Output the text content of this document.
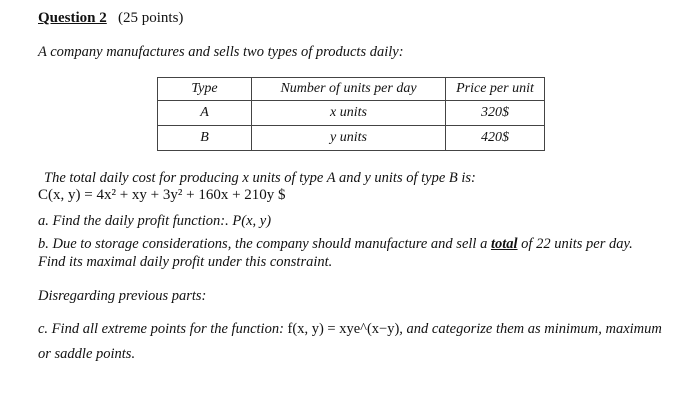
Question 2 (25 points)
A company manufactures and sells two types of products daily:
Type	Number of units per day	Price per unit
A	x units	320$
B	y units	420$
The total daily cost for producing x units of type A and y units of type B is:
C(x, y) = 4x² + xy + 3y² + 160x + 210y $
a. Find the daily profit function:. P(x, y)
b. Due to storage considerations, the company should manufacture and sell a total of 22 units per day.
Find its maximal daily profit under this constraint.
Disregarding previous parts:
c. Find all extreme points for the function: f(x, y) = xye^(x−y), and categorize them as minimum, maximum
or saddle points.
